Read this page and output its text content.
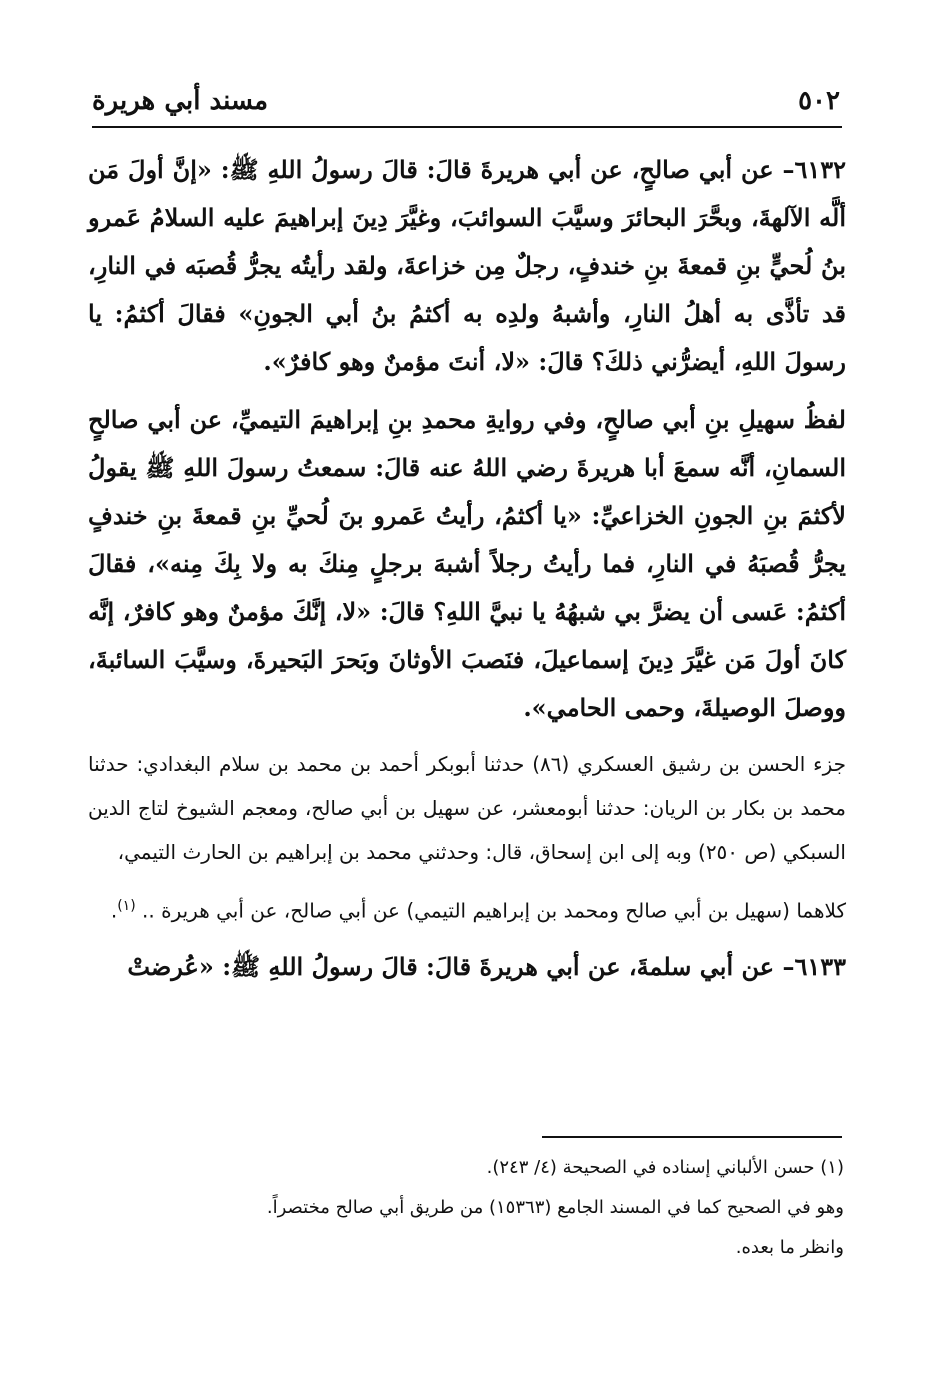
٥٠٢
مسند أبي هريرة

٦١٣٢– عن أبي صالحٍ، عن أبي هريرةَ قالَ: قالَ رسولُ اللهِ ﷺ: «إنَّ أولَ مَن ألَّه الآلهةَ، وبحَّرَ البحائرَ وسيَّبَ السوائبَ، وغيَّرَ دِينَ إبراهيمَ عليه السلامُ عَمرو بنُ لُحيٍّ بنِ قمعةَ بنِ خندفٍ، رجلٌ مِن خزاعةَ، ولقد رأيتُه يجرُّ قُصبَه في النارِ، قد تأذَّى به أهلُ النارِ، وأشبهُ ولدِه به أكثمُ بنُ أبي الجونِ» فقالَ أكثمُ: يا رسولَ اللهِ، أيضرُّني ذلكَ؟ قالَ: «لا، أنتَ مؤمنٌ وهو كافرٌ».

لفظُ سهيلِ بنِ أبي صالحٍ، وفي روايةِ محمدِ بنِ إبراهيمَ التيميِّ، عن أبي صالحٍ السمانِ، أنَّه سمعَ أبا هريرةَ رضي اللهُ عنه قالَ: سمعتُ رسولَ اللهِ ﷺ يقولُ لأكثمَ بنِ الجونِ الخزاعيِّ: «يا أكثمُ، رأيتُ عَمرو بنَ لُحيِّ بنِ قمعةَ بنِ خندفٍ يجرُّ قُصبَهُ في النارِ، فما رأيتُ رجلاً أشبهَ برجلٍ مِنكَ به ولا بِكَ مِنه»، فقالَ أكثمُ: عَسى أن يضرَّ بي شبهُهُ يا نبيَّ اللهِ؟ قالَ: «لا، إنَّكَ مؤمنٌ وهو كافرٌ، إنَّه كانَ أولَ مَن غيَّرَ دِينَ إسماعيلَ، فنَصبَ الأوثانَ وبَحرَ البَحيرةَ، وسيَّبَ السائبةَ، ووصلَ الوصيلةَ، وحمى الحامي».

جزء الحسن بن رشيق العسكري (٨٦) حدثنا أبوبكر أحمد بن محمد بن سلام البغدادي: حدثنا محمد بن بكار بن الريان: حدثنا أبومعشر، عن سهيل بن أبي صالح، ومعجم الشيوخ لتاج الدين السبكي (ص ٢٥٠) وبه إلى ابن إسحاق، قال: وحدثني محمد بن إبراهيم بن الحارث التيمي،

كلاهما (سهيل بن أبي صالح ومحمد بن إبراهيم التيمي) عن أبي صالح، عن أبي هريرة .. $^{(١)}$.

٦١٣٣– عن أبي سلمةَ، عن أبي هريرةَ قالَ: قالَ رسولُ اللهِ ﷺ: «عُرضتْ

(١) حسن الألباني إسناده في الصحيحة (٤/ ٢٤٣).

وهو في الصحيح كما في المسند الجامع (١٥٣٦٣) من طريق أبي صالح مختصراً.

وانظر ما بعده.
